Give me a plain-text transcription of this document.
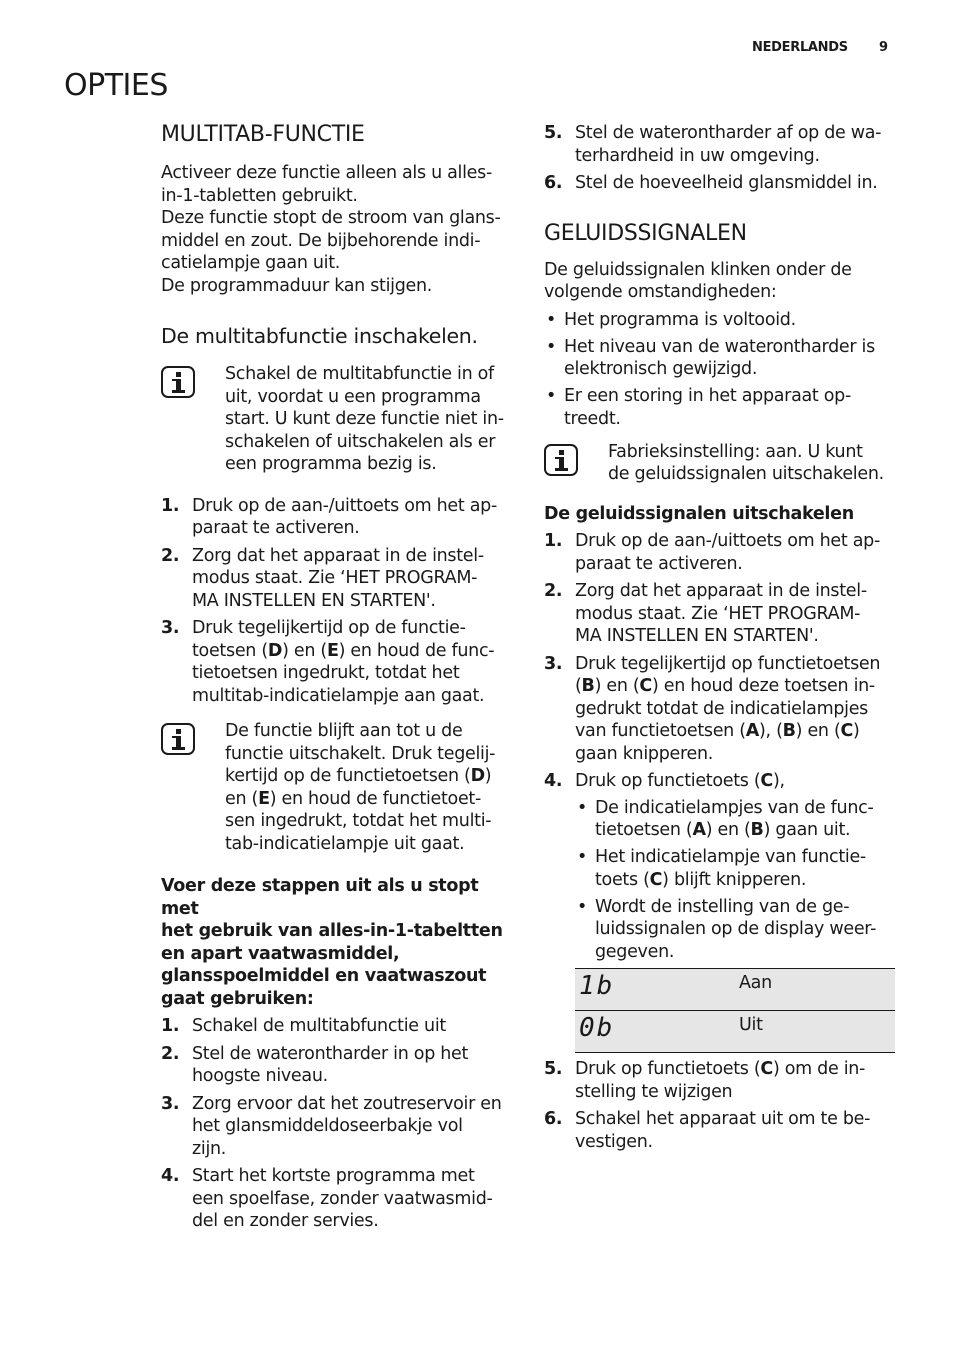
NEDERLANDS 9
OPTIES
MULTITAB-FUNCTIE

Activeer deze functie alleen als u alles-
in-1-tabletten gebruikt.
Deze functie stopt de stroom van glans-
middel en zout. De bijbehorende indi-
catielampje gaan uit.
De programmaduur kan stijgen.

De multitabfunctie inschakelen.
Schakel de multitabfunctie in of
uit, voordat u een programma
start. U kunt deze functie niet in-
schakelen of uitschakelen als er
een programma bezig is.
1. Druk op de aan-/uittoets om het ap-
paraat te activeren.
2. Zorg dat het apparaat in de instel-
modus staat. Zie ‘HET PROGRAM-
MA INSTELLEN EN STARTEN'.
3. Druk tegelijkertijd op de functie-
toetsen (D) en (E) en houd de func-
tietoetsen ingedrukt, totdat het
multitab-indicatielampje aan gaat.
De functie blijft aan tot u de
functie uitschakelt. Druk tegelij-
kertijd op de functietoetsen (D)
en (E) en houd de functietoet-
sen ingedrukt, totdat het multi-
tab-indicatielampje uit gaat.

Voer deze stappen uit als u stopt met
het gebruik van alles-in-1-tabeltten
en apart vaatwasmiddel,
glansspoelmiddel en vaatwaszout
gaat gebruiken:

1. Schakel de multitabfunctie uit
2. Stel de waterontharder in op het
hoogste niveau.
3. Zorg ervoor dat het zoutreservoir en
het glansmiddeldoseerbakje vol
zijn.
4. Start het kortste programma met
een spoelfase, zonder vaatwasmid-
del en zonder servies.
5. Stel de waterontharder af op de wa-
terhardheid in uw omgeving.
6. Stel de hoeveelheid glansmiddel in.
GELUIDSSIGNALEN

De geluidssignalen klinken onder de
volgende omstandigheden:

• Het programma is voltooid.
• Het niveau van de waterontharder is
elektronisch gewijzigd.
• Er een storing in het apparaat op-
treedt.
Fabrieksinstelling: aan. U kunt
de geluidssignalen uitschakelen.

De geluidssignalen uitschakelen

1. Druk op de aan-/uittoets om het ap-
paraat te activeren.
2. Zorg dat het apparaat in de instel-
modus staat. Zie ‘HET PROGRAM-
MA INSTELLEN EN STARTEN'.
3. Druk tegelijkertijd op functietoetsen
(B) en (C) en houd deze toetsen in-
gedrukt totdat de indicatielampjes
van functietoetsen (A), (B) en (C)
gaan knipperen.
4. Druk op functietoets (C),
• De indicatielampjes van de func-
tietoetsen (A) en (B) gaan uit.
• Het indicatielampje van functie-
toets (C) blijft knipperen.
• Wordt de instelling van de ge-
luidssignalen op de display weer-
gegeven.
1b	Aan
0b	Uit
5. Druk op functietoets (C) om de in-
stelling te wijzigen
6. Schakel het apparaat uit om te be-
vestigen.
